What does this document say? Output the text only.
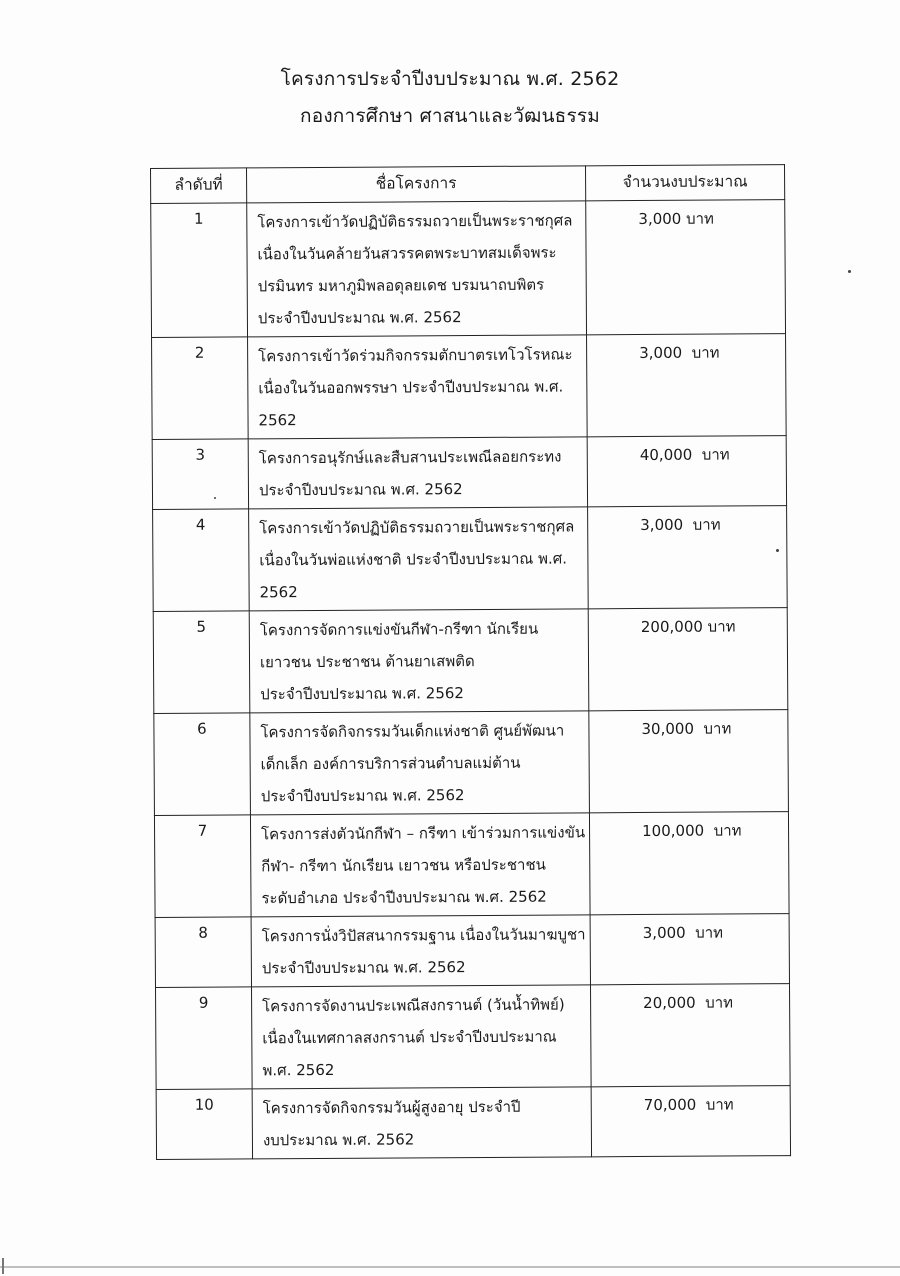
โครงการประจำปีงบประมาณ พ.ศ. 2562
กองการศึกษา ศาสนาและวัฒนธรรม
ลำดับที่	ชื่อโครงการ	จำนวนงบประมาณ
1	โครงการเข้าวัดปฏิบัติธรรมถวายเป็นพระราชกุศล
เนื่องในวันคล้ายวันสวรรคตพระบาทสมเด็จพระ
ปรมินทร มหาภูมิพลอดุลยเดช บรมนาถบพิตร
ประจำปีงบประมาณ พ.ศ. 2562	3,000 บาท
2	โครงการเข้าวัดร่วมกิจกรรมตักบาตรเทโวโรหณะ
เนื่องในวันออกพรรษา ประจำปีงบประมาณ พ.ศ.
2562	3,000  บาท
3	โครงการอนุรักษ์และสืบสานประเพณีลอยกระทง
ประจำปีงบประมาณ พ.ศ. 2562	40,000  บาท
4	โครงการเข้าวัดปฏิบัติธรรมถวายเป็นพระราชกุศล
เนื่องในวันพ่อแห่งชาติ ประจำปีงบประมาณ พ.ศ.
2562	3,000  บาท
5	โครงการจัดการแข่งขันกีฬา-กรีฑา นักเรียน
เยาวชน ประชาชน ต้านยาเสพติด
ประจำปีงบประมาณ พ.ศ. 2562	200,000 บาท
6	โครงการจัดกิจกรรมวันเด็กแห่งชาติ ศูนย์พัฒนา
เด็กเล็ก องค์การบริการส่วนตำบลแม่ต้าน
ประจำปีงบประมาณ พ.ศ. 2562	30,000  บาท
7	โครงการส่งตัวนักกีฬา – กรีฑา เข้าร่วมการแข่งขัน
กีฬา- กรีฑา นักเรียน เยาวชน หรือประชาชน
ระดับอำเภอ ประจำปีงบประมาณ พ.ศ. 2562	100,000  บาท
8	โครงการนั่งวิปัสสนากรรมฐาน เนื่องในวันมาฆบูชา
ประจำปีงบประมาณ พ.ศ. 2562	3,000  บาท
9	โครงการจัดงานประเพณีสงกรานต์ (วันน้ำทิพย์)
เนื่องในเทศกาลสงกรานต์ ประจำปีงบประมาณ
พ.ศ. 2562	20,000  บาท
10	โครงการจัดกิจกรรมวันผู้สูงอายุ ประจำปี
งบประมาณ พ.ศ. 2562	70,000  บาท
